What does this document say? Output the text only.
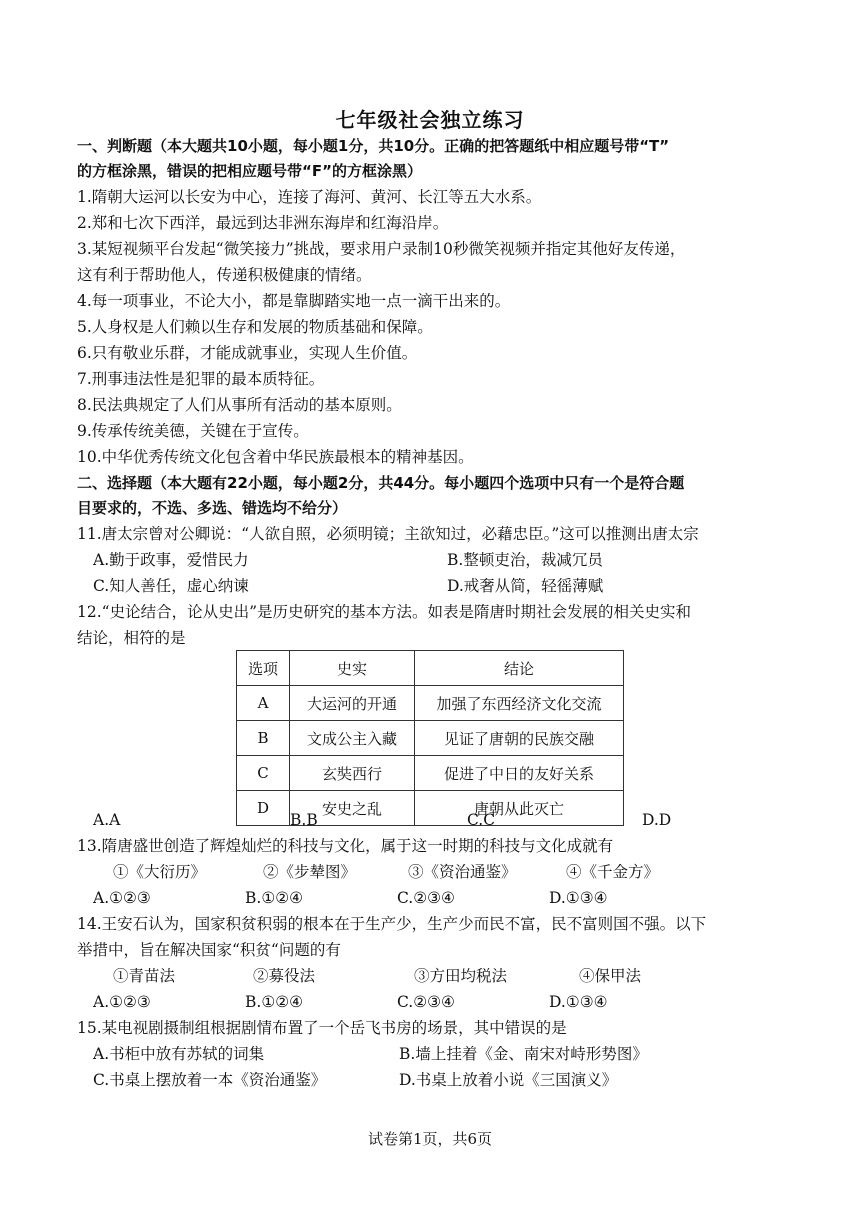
七年级社会独立练习
一、判断题（本大题共10小题，每小题1分，共10分。正确的把答题纸中相应题号带“T”
的方框涂黑，错误的把相应题号带“F”的方框涂黑）
1.隋朝大运河以长安为中心，连接了海河、黄河、长江等五大水系。
2.郑和七次下西洋，最远到达非洲东海岸和红海沿岸。
3.某短视频平台发起“微笑接力”挑战，要求用户录制10秒微笑视频并指定其他好友传递，
这有利于帮助他人，传递积极健康的情绪。
4.每一项事业，不论大小，都是靠脚踏实地一点一滴干出来的。
5.人身权是人们赖以生存和发展的物质基础和保障。
6.只有敬业乐群，才能成就事业，实现人生价值。
7.刑事违法性是犯罪的最本质特征。
8.民法典规定了人们从事所有活动的基本原则。
9.传承传统美德，关键在于宣传。
10.中华优秀传统文化包含着中华民族最根本的精神基因。
二、选择题（本大题有22小题，每小题2分，共44分。每小题四个选项中只有一个是符合题
目要求的，不选、多选、错选均不给分）
11.唐太宗曾对公卿说：“人欲自照，必须明镜；主欲知过，必藉忠臣。”这可以推测出唐太宗
A.勤于政事，爱惜民力	B.整顿吏治，裁减冗员
C.知人善任，虚心纳谏	D.戒奢从简，轻徭薄赋
12.“史论结合，论从史出”是历史研究的基本方法。如表是隋唐时期社会发展的相关史实和
结论，相符的是
选项	史实	结论
A	大运河的开通	加强了东西经济文化交流
B	文成公主入藏	见证了唐朝的民族交融
C	玄奘西行	促进了中日的友好关系
D	安史之乱	唐朝从此灭亡
A.A	B.B	C.C	D.D
13.隋唐盛世创造了辉煌灿烂的科技与文化，属于这一时期的科技与文化成就有
①《大衍历》	②《步辇图》	③《资治通鉴》	④《千金方》
A.①②③	B.①②④	C.②③④	D.①③④
14.王安石认为，国家积贫积弱的根本在于生产少，生产少而民不富，民不富则国不强。以下
举措中，旨在解决国家“积贫“问题的有
①青苗法	②募役法	③方田均税法	④保甲法
A.①②③	B.①②④	C.②③④	D.①③④
15.某电视剧摄制组根据剧情布置了一个岳飞书房的场景，其中错误的是
A.书柜中放有苏轼的词集	B.墙上挂着《金、南宋对峙形势图》
C.书桌上摆放着一本《资治通鉴》	D.书桌上放着小说《三国演义》
试卷第1页，共6页
